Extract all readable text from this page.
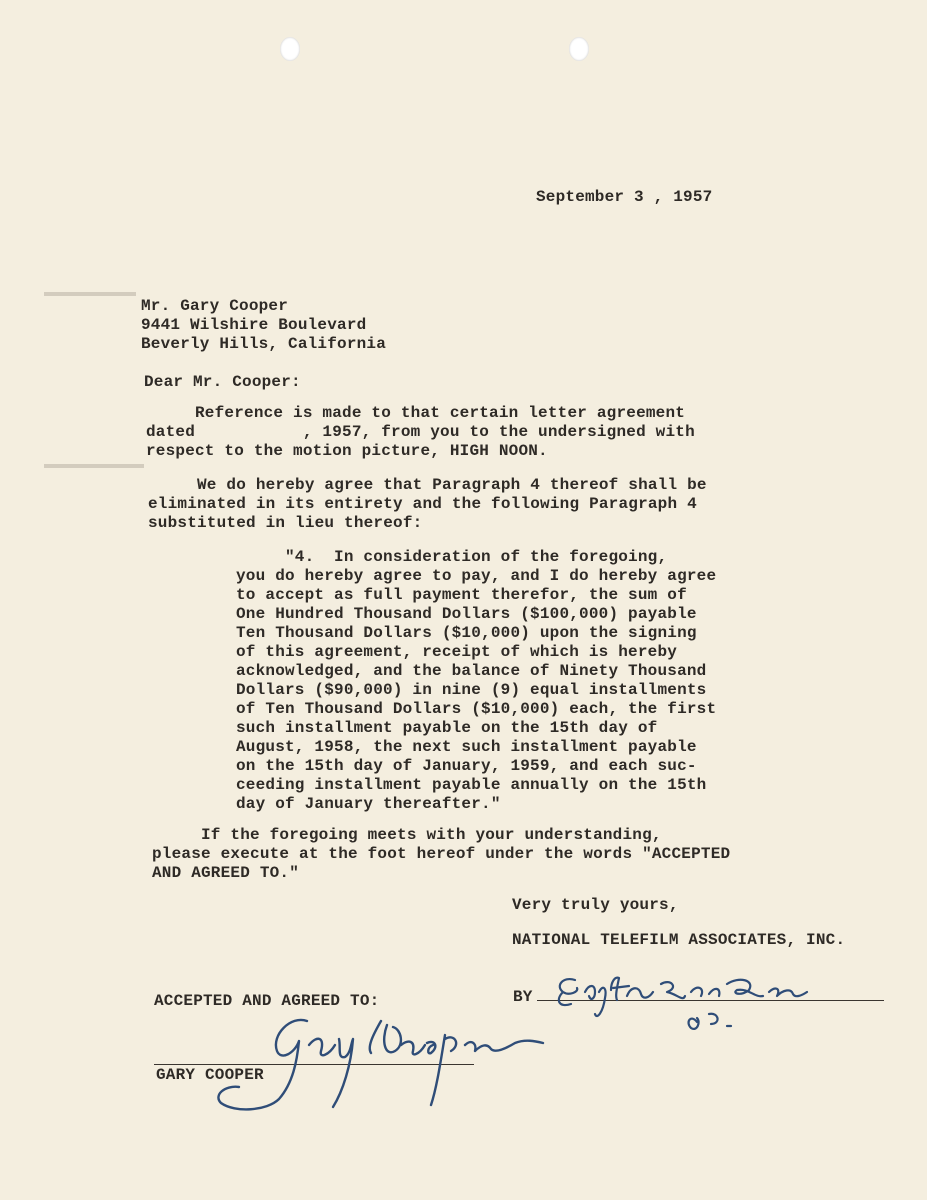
September 3 , 1957
Mr. Gary Cooper
9441 Wilshire Boulevard
Beverly Hills, California
Dear Mr. Cooper:
Reference is made to that certain letter agreement
dated           , 1957, from you to the undersigned with
respect to the motion picture, HIGH NOON.
We do hereby agree that Paragraph 4 thereof shall be
eliminated in its entirety and the following Paragraph 4
substituted in lieu thereof:
"4.  In consideration of the foregoing,
you do hereby agree to pay, and I do hereby agree
to accept as full payment therefor, the sum of
One Hundred Thousand Dollars ($100,000) payable
Ten Thousand Dollars ($10,000) upon the signing
of this agreement, receipt of which is hereby
acknowledged, and the balance of Ninety Thousand
Dollars ($90,000) in nine (9) equal installments
of Ten Thousand Dollars ($10,000) each, the first
such installment payable on the 15th day of
August, 1958, the next such installment payable
on the 15th day of January, 1959, and each suc-
ceeding installment payable annually on the 15th
day of January thereafter."
If the foregoing meets with your understanding,
please execute at the foot hereof under the words "ACCEPTED
AND AGREED TO."
Very truly yours,
NATIONAL TELEFILM ASSOCIATES, INC.
BY
ACCEPTED AND AGREED TO:
GARY COOPER
